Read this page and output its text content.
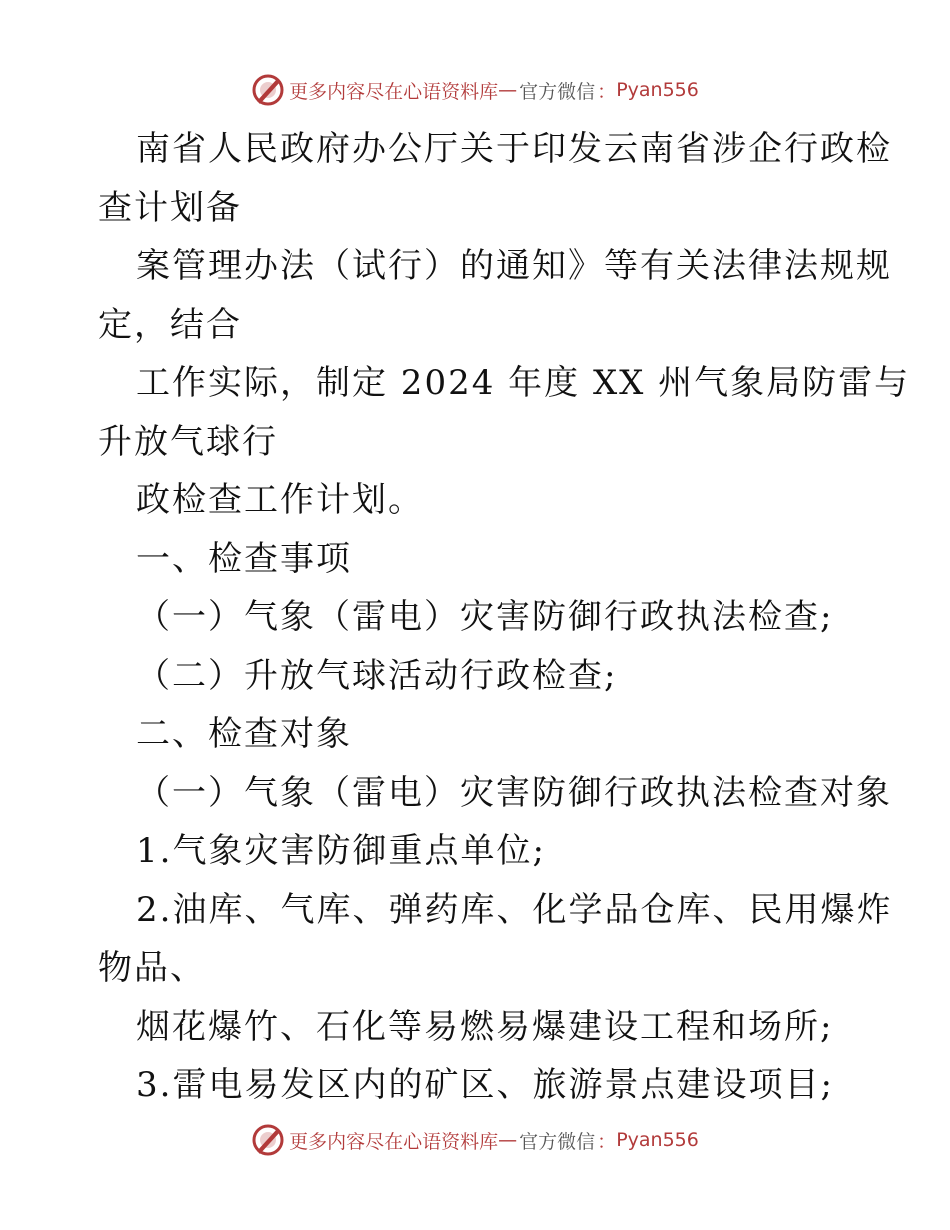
更多内容尽在心语资料库 — 官方微信 ： Pyan556
南省人民政府办公厅关于印发云南省涉企行政检
查计划备
案管理办法（试行）的通知》等有关法律法规规
定，结合
工作实际，制定 2024 年度 XX 州气象局防雷与
升放气球行
政检查工作计划。
一、检查事项
（一）气象（雷电）灾害防御行政执法检查;
（二）升放气球活动行政检查;
二、检查对象
（一）气象（雷电）灾害防御行政执法检查对象
1.气象灾害防御重点单位;
2.油库、气库、弹药库、化学品仓库、民用爆炸
物品、
烟花爆竹、石化等易燃易爆建设工程和场所;
3.雷电易发区内的矿区、旅游景点建设项目;
更多内容尽在心语资料库 — 官方微信 ： Pyan556
